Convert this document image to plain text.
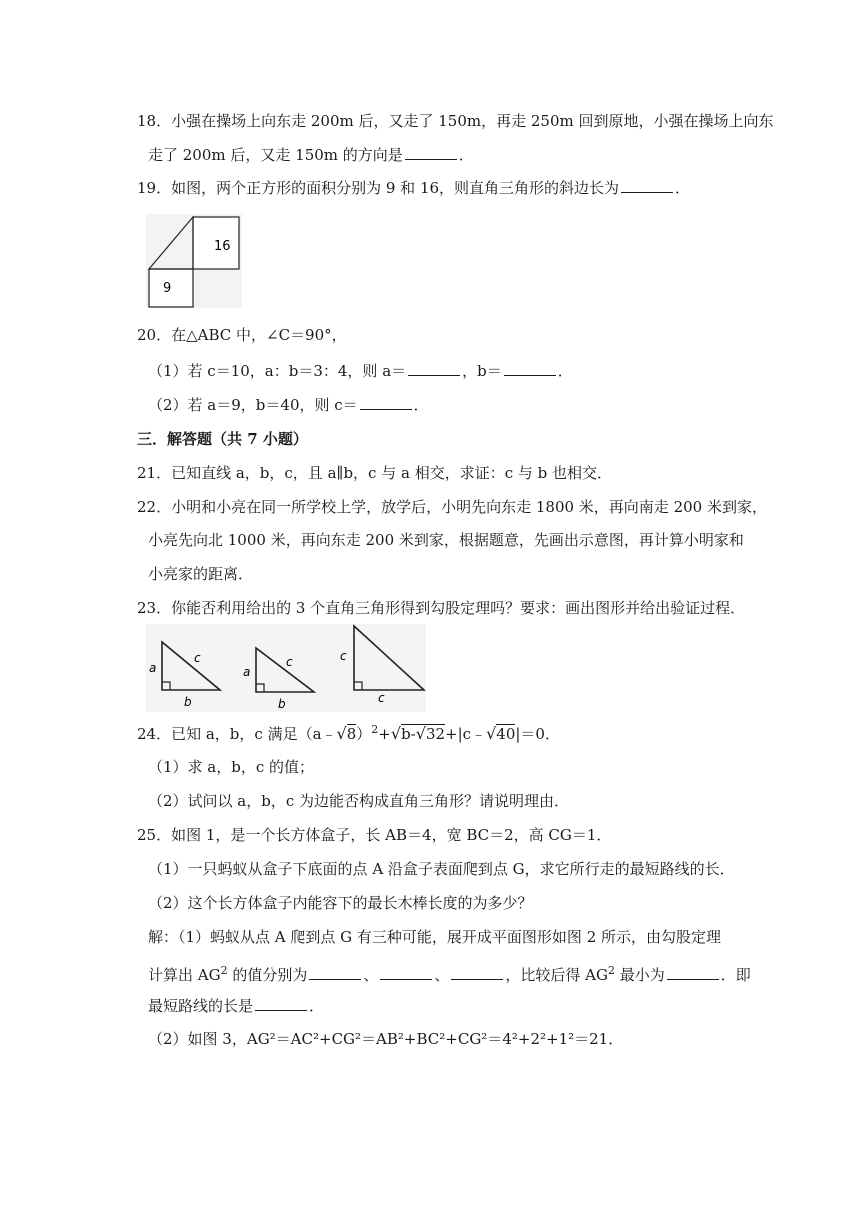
18．小强在操场上向东走 200m 后，又走了 150m，再走 250m 回到原地，小强在操场上向东
走了 200m 后，又走 150m 的方向是	．
19．如图，两个正方形的面积分别为 9 和 16，则直角三角形的斜边长为	．
16
9
20．在△ABC 中，∠C＝90°，
（1）若 c＝10，a：b＝3：4，则 a＝	，b＝	．
（2）若 a＝9，b＝40，则 c＝	．
三．解答题（共 7 小题）
21．已知直线 a，b，c，且 a∥b，c 与 a 相交，求证：c 与 b 也相交．
22．小明和小亮在同一所学校上学，放学后，小明先向东走 1800 米，再向南走 200 米到家，
小亮先向北 1000 米，再向东走 200 米到家，根据题意，先画出示意图，再计算小明家和
小亮家的距离．
23．你能否利用给出的 3 个直角三角形得到勾股定理吗？要求：画出图形并给出验证过程．
a
c
b
a
c
b
c
c
24．已知 a，b，c 满足（a﹣√8）$^2$+√b-√32+|c﹣√40|＝0．
（1）求 a，b，c 的值；
（2）试问以 a，b，c 为边能否构成直角三角形？请说明理由．
25．如图 1，是一个长方体盒子，长 AB＝4，宽 BC＝2，高 CG＝1．
（1）一只蚂蚁从盒子下底面的点 A 沿盒子表面爬到点 G，求它所行走的最短路线的长．
（2）这个长方体盒子内能容下的最长木棒长度的为多少？
解：（1）蚂蚁从点 A 爬到点 G 有三种可能，展开成平面图形如图 2 所示，由勾股定理
计算出 $AG^2$ 的值分别为	、	、	，比较后得 $AG^2$ 最小为	．即
最短路线的长是	．
（2）如图 3，AG²＝AC²+CG²＝AB²+BC²+CG²＝4²+2²+1²＝21．
